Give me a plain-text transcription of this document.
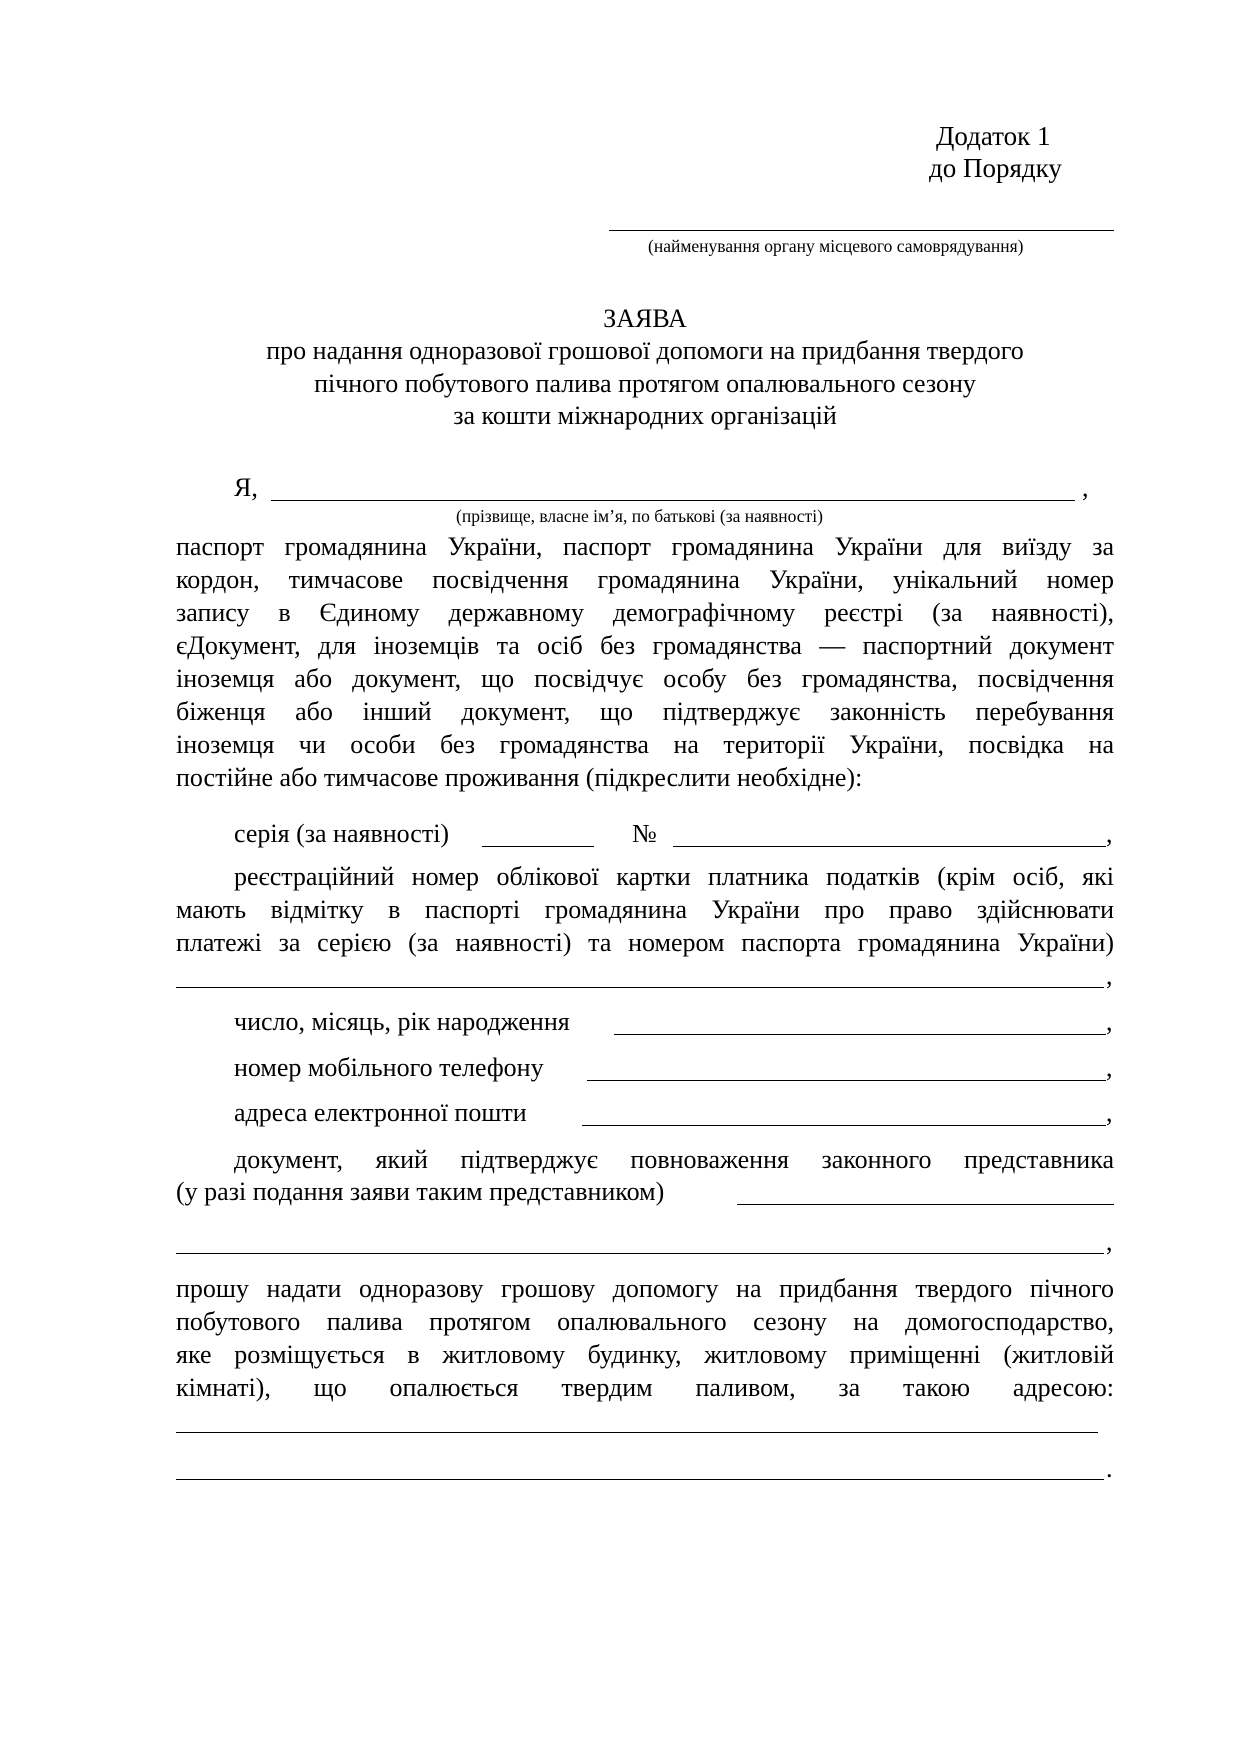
Додаток 1
до Порядку
(найменування органу місцевого самоврядування)
ЗАЯВА
про надання одноразової грошової допомоги на придбання твердого
пічного побутового палива протягом опалювального сезону
за кошти міжнародних організацій
Я,	,
(прізвище, власне ім’я, по батькові (за наявності)
паспорт громадянина України, паспорт громадянина України для виїзду за
кордон, тимчасове посвідчення громадянина України, унікальний номер
запису в Єдиному державному демографічному реєстрі (за наявності),
єДокумент, для іноземців та осіб без громадянства — паспортний документ
іноземця або документ, що посвідчує особу без громадянства, посвідчення
біженця або інший документ, що підтверджує законність перебування
іноземця чи особи без громадянства на території України, посвідка на
постійне або тимчасове проживання (підкреслити необхідне):
серія (за наявності)	№	,
реєстраційний номер облікової картки платника податків (крім осіб, які
мають відмітку в паспорті громадянина України про право здійснювати
платежі за серією (за наявності) та номером паспорта громадянина України)
,
число, місяць, рік народження	,
номер мобільного телефону	,
адреса електронної пошти	,
документ, який підтверджує повноваження законного представника
(у разі подання заяви таким представником)
,
прошу надати одноразову грошову допомогу на придбання твердого пічного
побутового палива протягом опалювального сезону на домогосподарство,
яке розміщується в житловому будинку, житловому приміщенні (житловій
кімнаті), що опалюється твердим паливом, за такою адресою:
.
